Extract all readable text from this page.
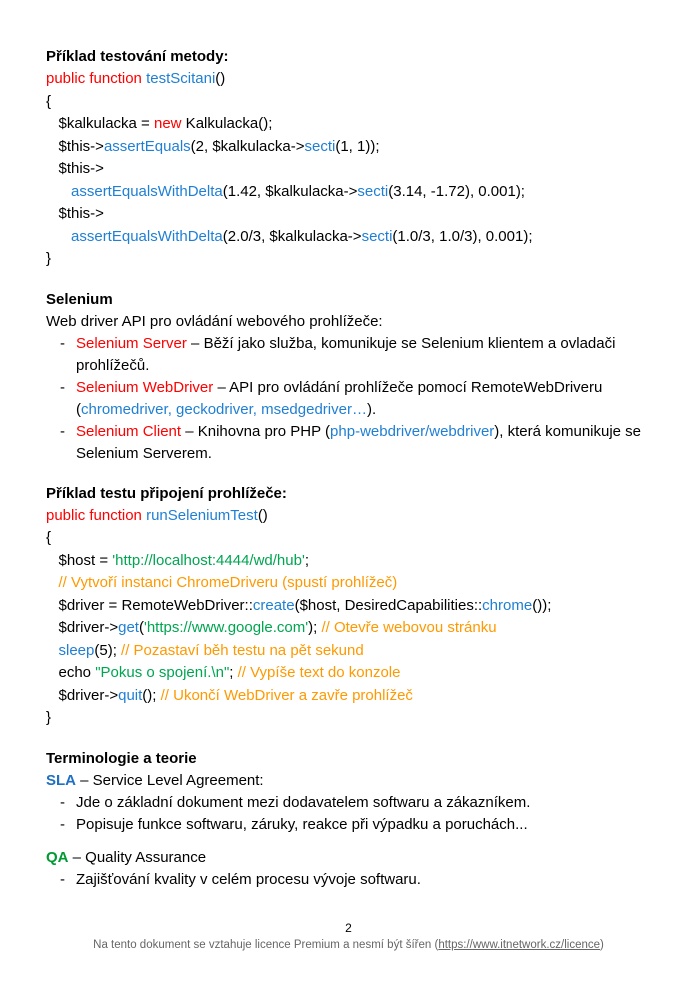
Příklad testování metody:
public function testScitani()
{
$kalkulacka = new Kalkulacka();
$this->assertEquals(2, $kalkulacka->secti(1, 1));
$this->
assertEqualsWithDelta(1.42, $kalkulacka->secti(3.14, -1.72), 0.001);
$this->
assertEqualsWithDelta(2.0/3, $kalkulacka->secti(1.0/3, 1.0/3), 0.001);
}
Selenium
Web driver API pro ovládání webového prohlížeče:
- Selenium Server – Běží jako služba, komunikuje se Selenium klientem a ovladači prohlížečů.
- Selenium WebDriver – API pro ovládání prohlížeče pomocí RemoteWebDriveru (chromedriver, geckodriver, msedgedriver…).
- Selenium Client – Knihovna pro PHP (php-webdriver/webdriver), která komunikuje se Selenium Serverem.
Příklad testu připojení prohlížeče:
public function runSeleniumTest()
{
$host = 'http://localhost:4444/wd/hub';
// Vytvoří instanci ChromeDriveru (spustí prohlížeč)
$driver = RemoteWebDriver::create($host, DesiredCapabilities::chrome());
$driver->get('https://www.google.com'); // Otevře webovou stránku
sleep(5); // Pozastaví běh testu na pět sekund
echo "Pokus o spojení.\n"; // Vypíše text do konzole
$driver->quit(); // Ukončí WebDriver a zavře prohlížeč
}
Terminologie a teorie
SLA – Service Level Agreement:
- Jde o základní dokument mezi dodavatelem softwaru a zákazníkem.
- Popisuje funkce softwaru, záruky, reakce při výpadku a poruchách...
QA – Quality Assurance
- Zajišťování kvality v celém procesu vývoje softwaru.
2
Na tento dokument se vztahuje licence Premium a nesmí být šířen (https://www.itnetwork.cz/licence)
